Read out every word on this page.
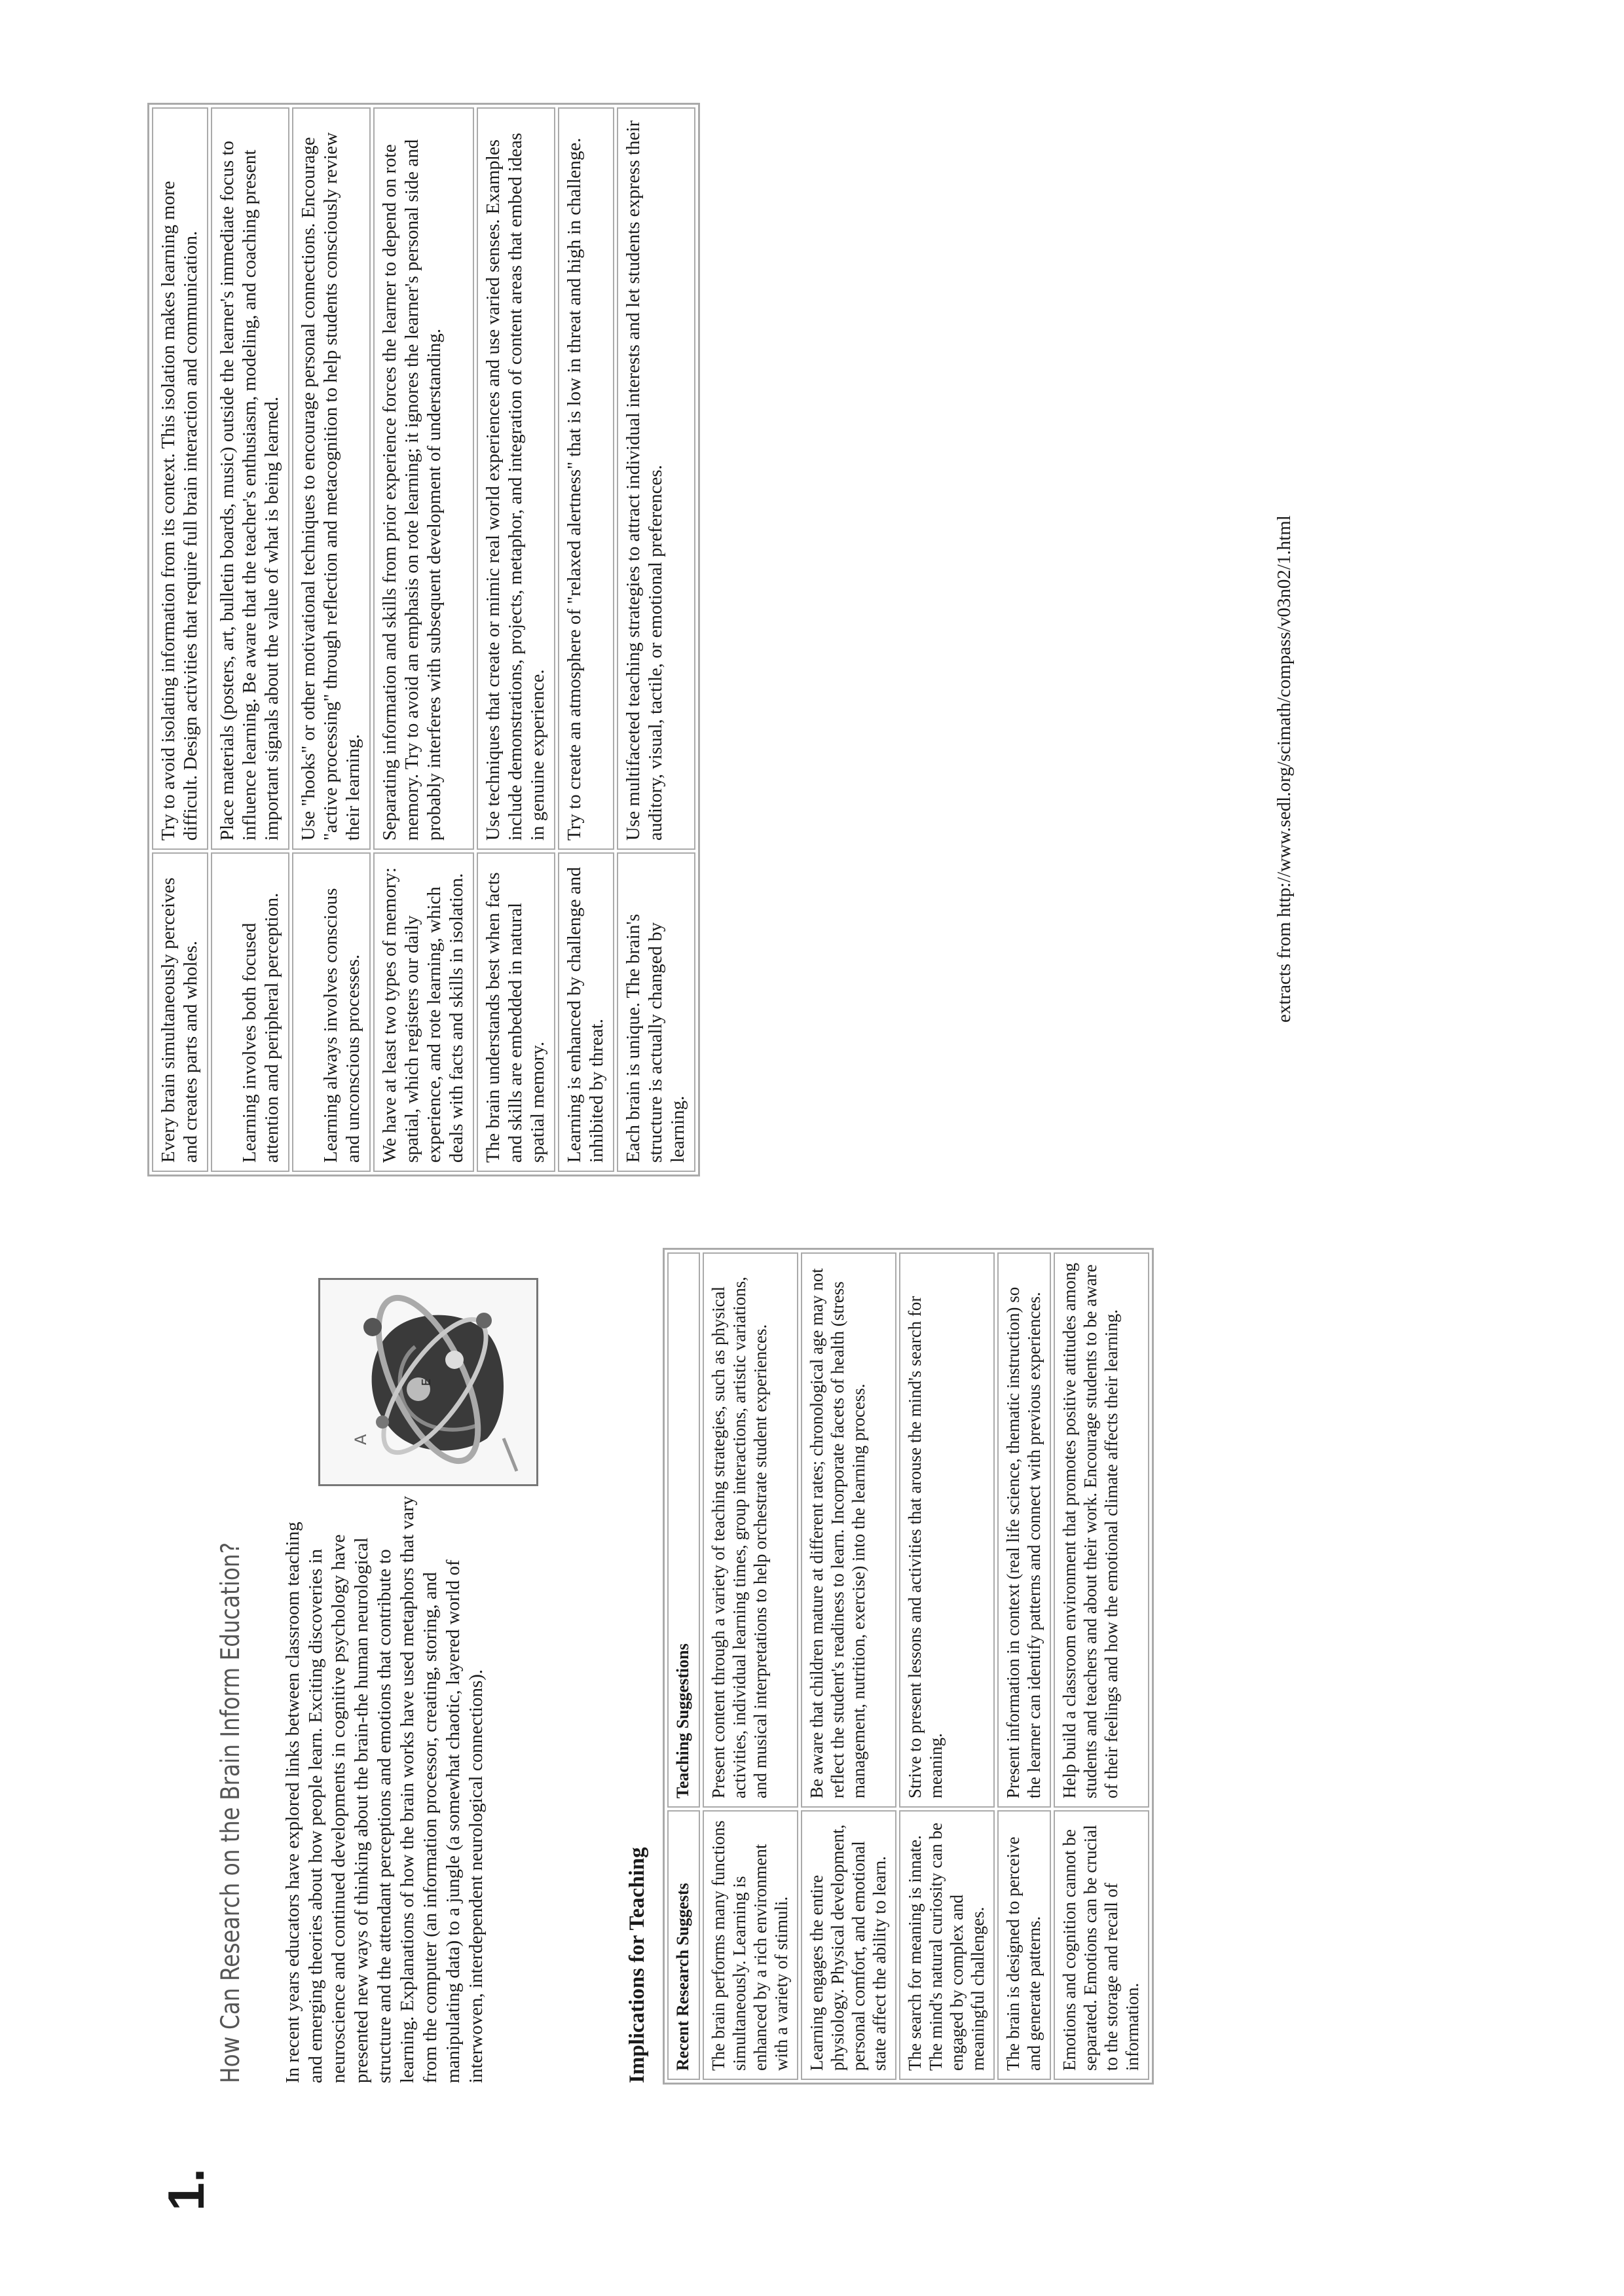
1.
How Can Research on the Brain Inform Education? In recent years educators have explored links between classroom teaching and emerging theories about how people learn. Exciting discoveries in neuroscience and continued developments in cognitive psychology have presented new ways of thinking about the brain-the human neurological structure and the attendant perceptions and emotions that contribute to learning. Explanations of how the brain works have used metaphors that vary from the computer (an information processor, creating, storing, and manipulating data) to a jungle (a somewhat chaotic, layered world of interwoven, interdependent neurological connections).
E
A
Implications for Teaching Recent Research Suggests	Teaching Suggestions
The brain performs many functions simultaneously. Learning is enhanced by a rich environment with a variety of stimuli.	Present content through a variety of teaching strategies, such as physical activities, individual learning times, group interactions, artistic variations, and musical interpretations to help orchestrate student experiences.
Learning engages the entire physiology. Physical development, personal comfort, and emotional state affect the ability to learn.	Be aware that children mature at different rates; chronological age may not reflect the student's readiness to learn. Incorporate facets of health (stress management, nutrition, exercise) into the learning process.
The search for meaning is innate. The mind's natural curiosity can be engaged by complex and meaningful challenges.	Strive to present lessons and activities that arouse the mind's search for meaning.
The brain is designed to perceive and generate patterns.	Present information in context (real life science, thematic instruction) so the learner can identify patterns and connect with previous experiences.
Emotions and cognition cannot be separated. Emotions can be crucial to the storage and recall of information.	Help build a classroom environment that promotes positive attitudes among students and teachers and about their work. Encourage students to be aware of their feelings and how the emotional climate affects their learning.
Every brain simultaneously perceives and creates parts and wholes.	Try to avoid isolating information from its context. This isolation makes learning more difficult. Design activities that require full brain interaction and communication.
Learning involves both focused attention and peripheral perception.	Place materials (posters, art, bulletin boards, music) outside the learner's immediate focus to influence learning. Be aware that the teacher's enthusiasm, modeling, and coaching present important signals about the value of what is being learned.
Learning always involves conscious and unconscious processes.	Use "hooks" or other motivational techniques to encourage personal connections. Encourage "active processing" through reflection and metacognition to help students consciously review their learning.
We have at least two types of memory: spatial, which registers our daily experience, and rote learning, which deals with facts and skills in isolation.	Separating information and skills from prior experience forces the learner to depend on rote memory. Try to avoid an emphasis on rote learning; it ignores the learner's personal side and probably interferes with subsequent development of understanding.
The brain understands best when facts and skills are embedded in natural spatial memory.	Use techniques that create or mimic real world experiences and use varied senses. Examples include demonstrations, projects, metaphor, and integration of content areas that embed ideas in genuine experience.
Learning is enhanced by challenge and inhibited by threat.	Try to create an atmosphere of "relaxed alertness" that is low in threat and high in challenge.
Each brain is unique. The brain's structure is actually changed by learning.	Use multifaceted teaching strategies to attract individual interests and let students express their auditory, visual, tactile, or emotional preferences.	extracts from http://www.sedl.org/scimath/compass/v03n02/1.html
